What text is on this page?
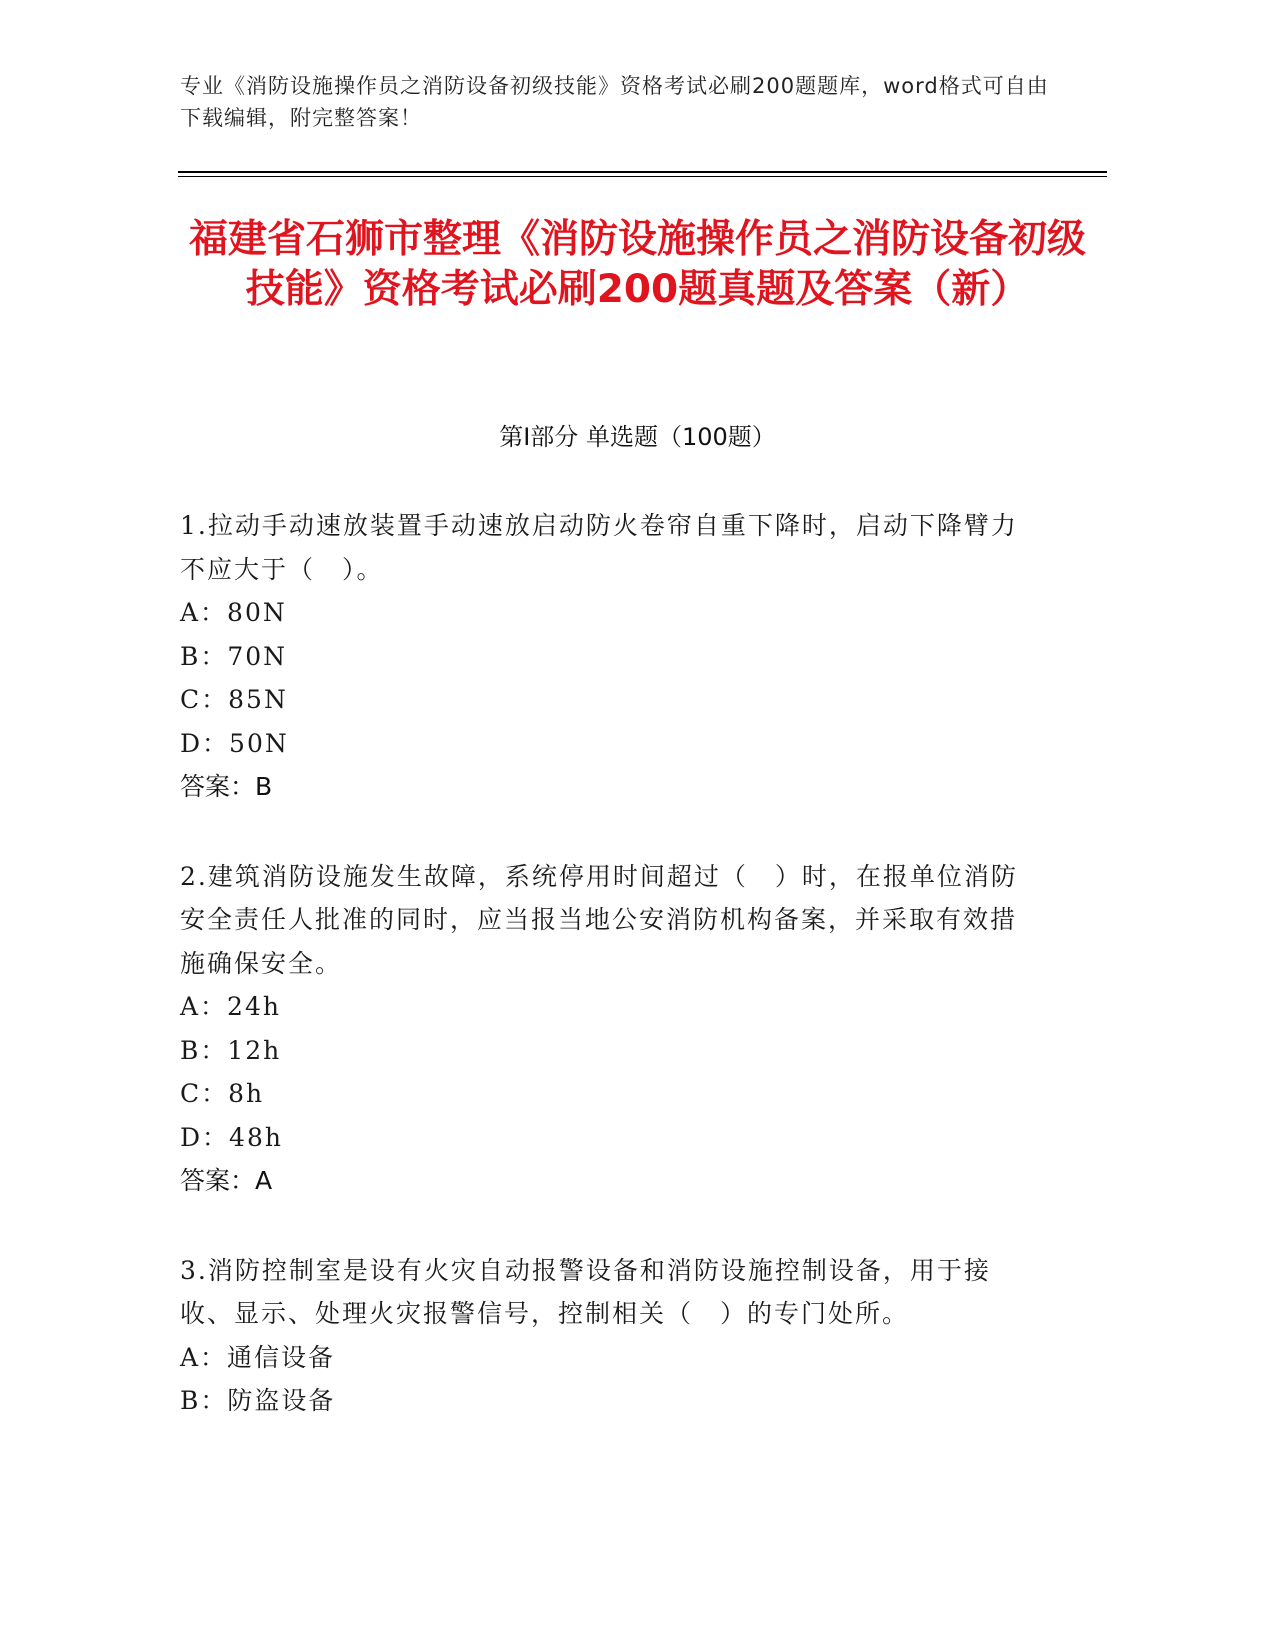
专业《消防设施操作员之消防设备初级技能》资格考试必刷200题题库，word格式可自由下载编辑，附完整答案！
福建省石狮市整理《消防设施操作员之消防设备初级技能》资格考试必刷200题真题及答案（新）
第Ⅰ部分 单选题（100题）
1.拉动手动速放装置手动速放启动防火卷帘自重下降时，启动下降臂力不应大于（　）。
A：80N
B：70N
C：85N
D：50N
答案：B
2.建筑消防设施发生故障，系统停用时间超过（　）时，在报单位消防安全责任人批准的同时，应当报当地公安消防机构备案，并采取有效措施确保安全。
A：24h
B：12h
C：8h
D：48h
答案：A
3.消防控制室是设有火灾自动报警设备和消防设施控制设备，用于接收、显示、处理火灾报警信号，控制相关（　）的专门处所。
A：通信设备
B：防盗设备
